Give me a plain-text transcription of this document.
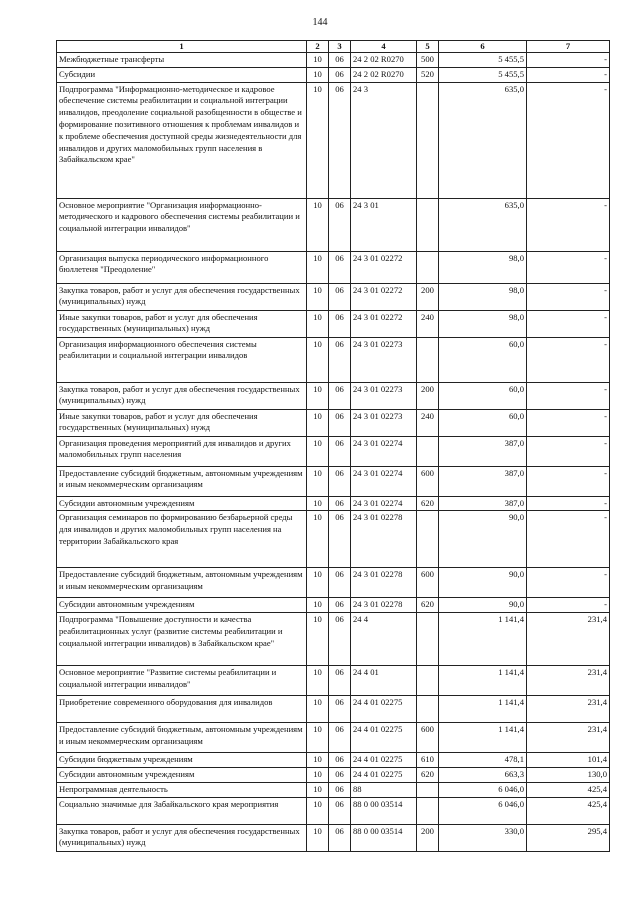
144
1	2	3	4	5	6	7
Межбюджетные трансферты	10	06	24 2 02 R0270	500	5 455,5	-
Субсидии	10	06	24 2 02 R0270	520	5 455,5	-
Подпрограмма "Информационно-методическое и кадровое обеспечение системы реабилитации и социальной интеграции инвалидов, преодоление социальной разобщенности в обществе и формирование позитивного отношения к проблемам инвалидов и к проблеме обеспечения доступной среды жизнедеятельности для инвалидов и других маломобильных групп населения в Забайкальском крае"	10	06	24 3		635,0	-
Основное мероприятие "Организация информационно-методического и кадрового обеспечения системы реабилитации и социальной интеграции инвалидов"	10	06	24 3 01		635,0	-
Организация выпуска периодического информационного бюллетеня "Преодоление"	10	06	24 3 01 02272		98,0	-
Закупка товаров, работ и услуг для обеспечения государственных (муниципальных) нужд	10	06	24 3 01 02272	200	98,0	-
Иные закупки товаров, работ и услуг для обеспечения государственных (муниципальных) нужд	10	06	24 3 01 02272	240	98,0	-
Организация информационного обеспечения системы реабилитации и социальной интеграции инвалидов	10	06	24 3 01 02273		60,0	-
Закупка товаров, работ и услуг для обеспечения государственных (муниципальных) нужд	10	06	24 3 01 02273	200	60,0	-
Иные закупки товаров, работ и услуг для обеспечения государственных (муниципальных) нужд	10	06	24 3 01 02273	240	60,0	-
Организация проведения мероприятий для инвалидов и других маломобильных групп населения	10	06	24 3 01 02274		387,0	-
Предоставление субсидий бюджетным, автономным учреждениям и иным некоммерческим организациям	10	06	24 3 01 02274	600	387,0	-
Субсидии автономным учреждениям	10	06	24 3 01 02274	620	387,0	-
Организация семинаров по формированию безбарьерной среды для инвалидов и других маломобильных групп населения на территории Забайкальского края	10	06	24 3 01 02278		90,0	-
Предоставление субсидий бюджетным, автономным учреждениям и иным некоммерческим организациям	10	06	24 3 01 02278	600	90,0	-
Субсидии автономным учреждениям	10	06	24 3 01 02278	620	90,0	-
Подпрограмма "Повышение доступности и качества реабилитационных услуг (развитие системы реабилитации и социальной интеграции инвалидов) в Забайкальском крае"	10	06	24 4		1 141,4	231,4
Основное мероприятие "Развитие системы реабилитации и социальной интеграции инвалидов"	10	06	24 4 01		1 141,4	231,4
Приобретение современного оборудования для инвалидов	10	06	24 4 01 02275		1 141,4	231,4
Предоставление субсидий бюджетным, автономным учреждениям и иным некоммерческим организациям	10	06	24 4 01 02275	600	1 141,4	231,4
Субсидии бюджетным учреждениям	10	06	24 4 01 02275	610	478,1	101,4
Субсидии автономным учреждениям	10	06	24 4 01 02275	620	663,3	130,0
Непрограммная деятельность	10	06	88		6 046,0	425,4
Социально значимые для Забайкальского края мероприятия	10	06	88 0 00 03514		6 046,0	425,4
Закупка товаров, работ и услуг для обеспечения государственных (муниципальных) нужд	10	06	88 0 00 03514	200	330,0	295,4
